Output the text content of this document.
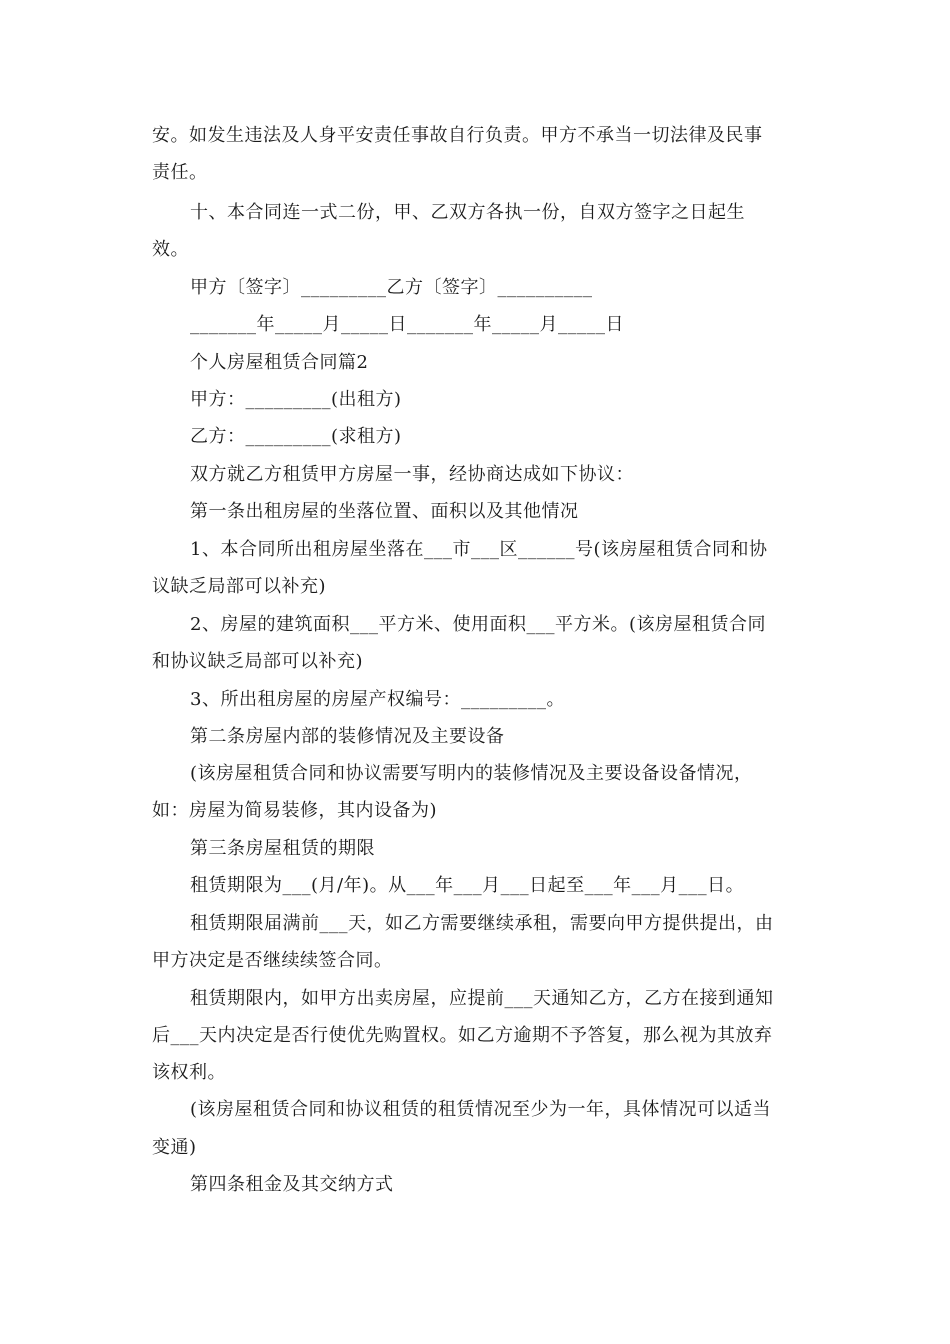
安。如发生违法及人身平安责任事故自行负责。甲方不承当一切法律及民事
责任。
十、本合同连一式二份，甲、乙双方各执一份，自双方签字之日起生
效。
甲方〔签字〕_________乙方〔签字〕__________
_______年_____月_____日_______年_____月_____日
个人房屋租赁合同篇2
甲方：_________(出租方)
乙方：_________(求租方)
双方就乙方租赁甲方房屋一事，经协商达成如下协议：
第一条出租房屋的坐落位置、面积以及其他情况
1、本合同所出租房屋坐落在___市___区______号(该房屋租赁合同和协
议缺乏局部可以补充)
2、房屋的建筑面积___平方米、使用面积___平方米。(该房屋租赁合同
和协议缺乏局部可以补充)
3、所出租房屋的房屋产权编号：_________。
第二条房屋内部的装修情况及主要设备
(该房屋租赁合同和协议需要写明内的装修情况及主要设备设备情况，
如：房屋为简易装修，其内设备为)
第三条房屋租赁的期限
租赁期限为___(月/年)。从___年___月___日起至___年___月___日。
租赁期限届满前___天，如乙方需要继续承租，需要向甲方提供提出，由
甲方决定是否继续续签合同。
租赁期限内，如甲方出卖房屋，应提前___天通知乙方，乙方在接到通知
后___天内决定是否行使优先购置权。如乙方逾期不予答复，那么视为其放弃
该权利。
(该房屋租赁合同和协议租赁的租赁情况至少为一年，具体情况可以适当
变通)
第四条租金及其交纳方式
